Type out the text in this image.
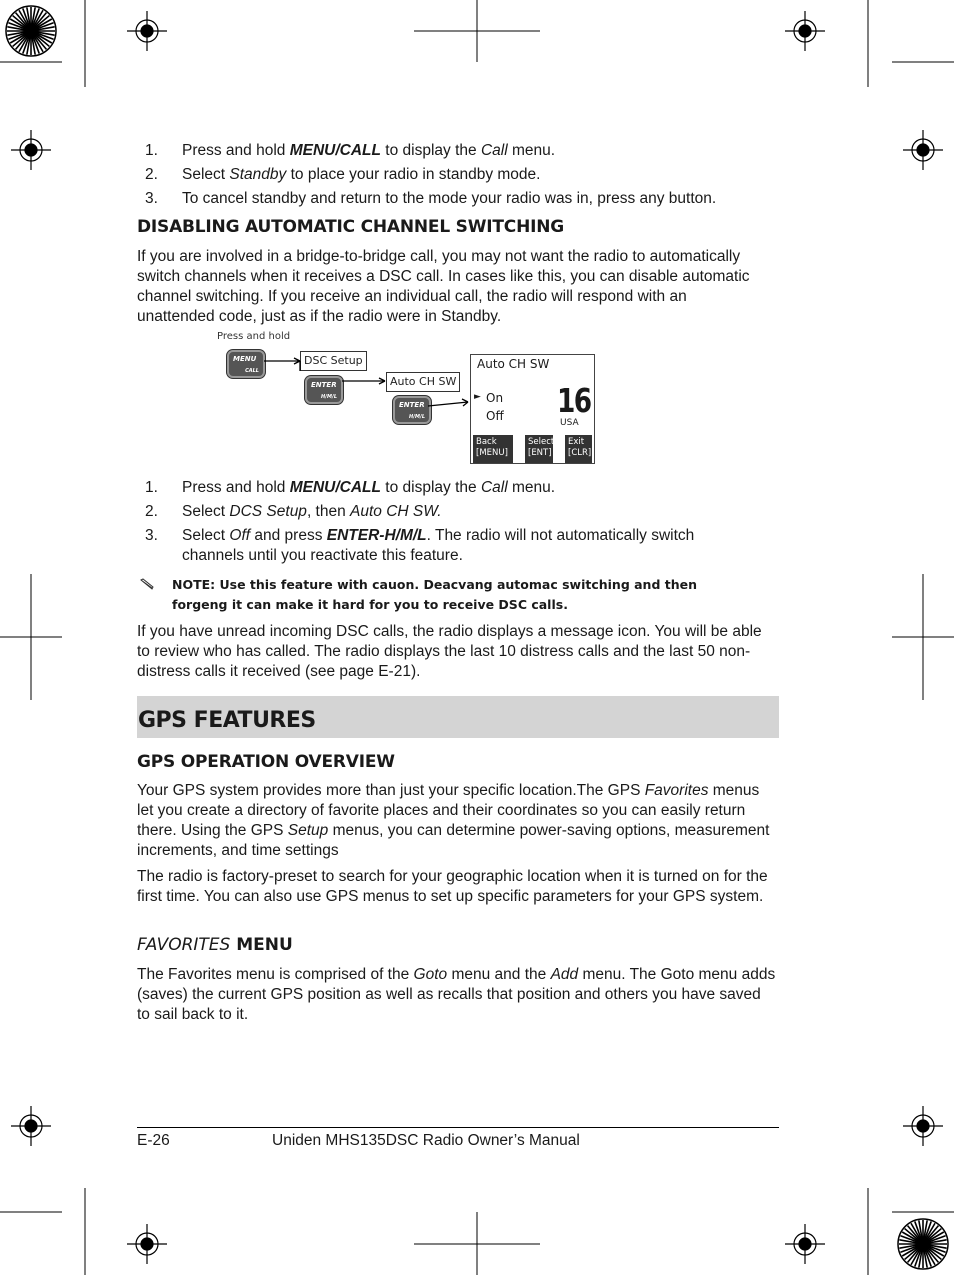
1. Press and hold MENU/CALL to display the Call menu.
2. Select Standby to place your radio in standby mode.
3. To cancel standby and return to the mode your radio was in, press any button.
DISABLING AUTOMATIC CHANNEL SWITCHING
If you are involved in a bridge-to-bridge call, you may not want the radio to automatically switch channels when it receives a DSC call. In cases like this, you can disable automatic channel switching. If you receive an individual call, the radio will respond with an unattended code, just as if the radio were in Standby.
Press and hold
MENU
CALL
DSC Setup
ENTER
H/M/L
Auto CH SW
ENTER
H/M/L
Auto CH SW
► On
Off 16
USA
Back
[MENU]
Select
[ENT]
Exit
[CLR]
1. Press and hold MENU/CALL to display the Call menu.
2. Select DCS Setup, then Auto CH SW.
3. Select Off and press ENTER-H/M/L. The radio will not automatically switch channels until you reactivate this feature.
NOTE: Use this feature with cauon. Deacvang automac switching and then forgeng it can make it hard for you to receive DSC calls.
If you have unread incoming DSC calls, the radio displays a message icon. You will be able to review who has called. The radio displays the last 10 distress calls and the last 50 non-distress calls it received (see page E-21).
GPS FEATURES
GPS OPERATION OVERVIEW
Your GPS system provides more than just your specific location.The GPS Favorites menus let you create a directory of favorite places and their coordinates so you can easily return there. Using the GPS Setup menus, you can determine power-saving options, measurement increments, and time settings
The radio is factory-preset to search for your geographic location when it is turned on for the first time. You can also use GPS menus to set up specific parameters for your GPS system.
FAVORITES MENU
The Favorites menu is comprised of the Goto menu and the Add menu. The Goto menu adds (saves) the current GPS position as well as recalls that position and others you have saved to sail back to it.
E-26	Uniden MHS135DSC Radio Owner’s Manual
